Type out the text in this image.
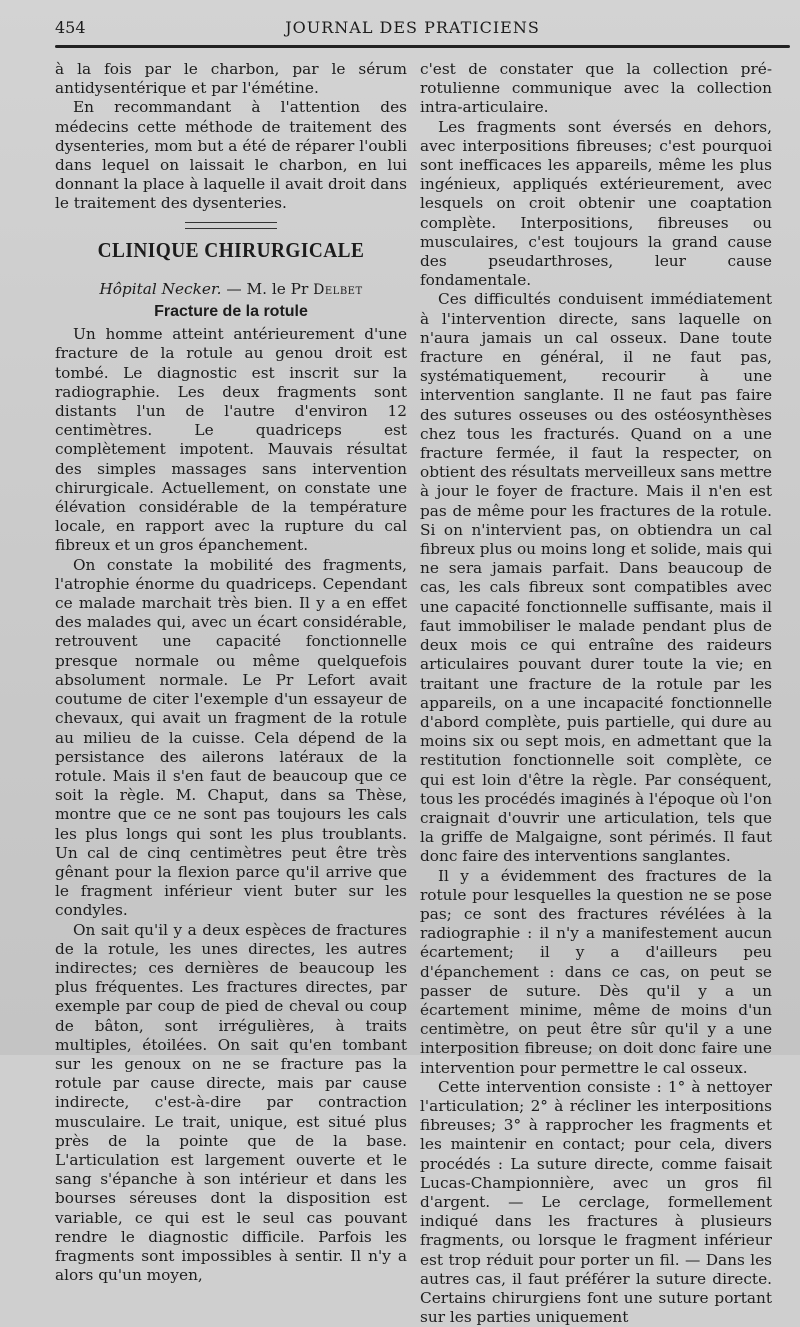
454	JOURNAL DES PRATICIENS

à la fois par le charbon, par le sérum antidysentérique et par l'émétine.

En recommandant à l'attention des médecins cette méthode de traitement des dysenteries, mom but a été de réparer l'oubli dans lequel on laissait le charbon, en lui donnant la place à laquelle il avait droit dans le traitement des dysenteries.

CLINIQUE CHIRURGICALE
Hôpital Necker. — M. le Pr Delbet
Fracture de la rotule

Un homme atteint antérieurement d'une fracture de la rotule au genou droit est tombé. Le diagnostic est inscrit sur la radiographie. Les deux fragments sont distants l'un de l'autre d'environ 12 centimètres. Le quadriceps est complètement impotent. Mauvais résultat des simples massages sans intervention chirurgicale. Actuellement, on constate une élévation considérable de la température locale, en rapport avec la rupture du cal fibreux et un gros épanchement.

On constate la mobilité des fragments, l'atrophie énorme du quadriceps. Cependant ce malade marchait très bien. Il y a en effet des malades qui, avec un écart considérable, retrouvent une capacité fonctionnelle presque normale ou même quelquefois absolument normale. Le Pr Lefort avait coutume de citer l'exemple d'un essayeur de chevaux, qui avait un fragment de la rotule au milieu de la cuisse. Cela dépend de la persistance des ailerons latéraux de la rotule. Mais il s'en faut de beaucoup que ce soit la règle. M. Chaput, dans sa Thèse, montre que ce ne sont pas toujours les cals les plus longs qui sont les plus troublants. Un cal de cinq centimètres peut être très gênant pour la flexion parce qu'il arrive que le fragment inférieur vient buter sur les condyles.

On sait qu'il y a deux espèces de fractures de la rotule, les unes directes, les autres indirectes; ces dernières de beaucoup les plus fréquentes. Les fractures directes, par exemple par coup de pied de cheval ou coup de bâton, sont irrégulières, à traits multiples, étoilées. On sait qu'en tombant sur les genoux on ne se fracture pas la rotule par cause directe, mais par cause indirecte, c'est-à-dire par contraction musculaire. Le trait, unique, est situé plus près de la pointe que de la base. L'articulation est largement ouverte et le sang s'épanche à son intérieur et dans les bourses séreuses dont la disposition est variable, ce qui est le seul cas pouvant rendre le diagnostic difficile. Parfois les fragments sont impossibles à sentir. Il n'y a alors qu'un moyen,

c'est de constater que la collection pré-rotulienne communique avec la collection intra-articulaire.

Les fragments sont éversés en dehors, avec interpositions fibreuses; c'est pourquoi sont inefficaces les appareils, même les plus ingénieux, appliqués extérieurement, avec lesquels on croit obtenir une coaptation complète. Interpositions, fibreuses ou musculaires, c'est toujours la grand cause des pseudarthroses, leur cause fondamentale.

Ces difficultés conduisent immédiatement à l'intervention directe, sans laquelle on n'aura jamais un cal osseux. Dane toute fracture en général, il ne faut pas, systématiquement, recourir à une intervention sanglante. Il ne faut pas faire des sutures osseuses ou des ostéosynthèses chez tous les fracturés. Quand on a une fracture fermée, il faut la respecter, on obtient des résultats merveilleux sans mettre à jour le foyer de fracture. Mais il n'en est pas de même pour les fractures de la rotule. Si on n'intervient pas, on obtiendra un cal fibreux plus ou moins long et solide, mais qui ne sera jamais parfait. Dans beaucoup de cas, les cals fibreux sont compatibles avec une capacité fonctionnelle suffisante, mais il faut immobiliser le malade pendant plus de deux mois ce qui entraîne des raideurs articulaires pouvant durer toute la vie; en traitant une fracture de la rotule par les appareils, on a une incapacité fonctionnelle d'abord complète, puis partielle, qui dure au moins six ou sept mois, en admettant que la restitution fonctionnelle soit complète, ce qui est loin d'être la règle. Par conséquent, tous les procédés imaginés à l'époque où l'on craignait d'ouvrir une articulation, tels que la griffe de Malgaigne, sont périmés. Il faut donc faire des interventions sanglantes.

Il y a évidemment des fractures de la rotule pour lesquelles la question ne se pose pas; ce sont des fractures révélées à la radiographie : il n'y a manifestement aucun écartement; il y a d'ailleurs peu d'épanchement : dans ce cas, on peut se passer de suture. Dès qu'il y a un écartement minime, même de moins d'un centimètre, on peut être sûr qu'il y a une interposition fibreuse; on doit donc faire une intervention pour permettre le cal osseux.

Cette intervention consiste : 1° à nettoyer l'articulation; 2° à récliner les interpositions fibreuses; 3° à rapprocher les fragments et les maintenir en contact; pour cela, divers procédés : La suture directe, comme faisait Lucas-Championnière, avec un gros fil d'argent. — Le cerclage, formellement indiqué dans les fractures à plusieurs fragments, ou lorsque le fragment inférieur est trop réduit pour porter un fil. — Dans les autres cas, il faut préférer la suture directe. Certains chirurgiens font une suture portant sur les parties uniquement
